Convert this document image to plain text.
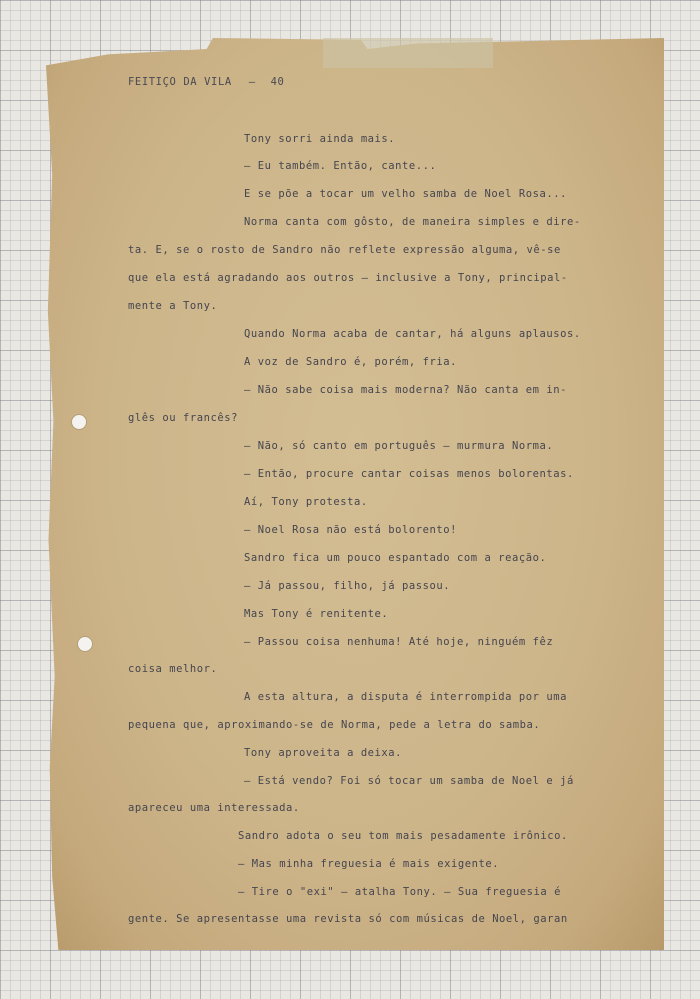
FEITIÇO DA VILA — 40
Tony sorri ainda mais.
— Eu também. Então, cante...
E se põe a tocar um velho samba de Noel Rosa...
Norma canta com gôsto, de maneira simples e dire-
ta. E, se o rosto de Sandro não reflete expressão alguma, vê-se
que ela está agradando aos outros — inclusive a Tony, principal-
mente a Tony.
Quando Norma acaba de cantar, há alguns aplausos.
A voz de Sandro é, porém, fria.
— Não sabe coisa mais moderna? Não canta em in-
glês ou francês?
— Não, só canto em português — murmura Norma.
— Então, procure cantar coisas menos bolorentas.
Aí, Tony protesta.
— Noel Rosa não está bolorento!
Sandro fica um pouco espantado com a reação.
— Já passou, filho, já passou.
Mas Tony é renitente.
— Passou coisa nenhuma! Até hoje, ninguém fêz
coisa melhor.
A esta altura, a disputa é interrompida por uma
pequena que, aproximando-se de Norma, pede a letra do samba.
Tony aproveita a deixa.
— Está vendo? Foi só tocar um samba de Noel e já
apareceu uma interessada.
Sandro adota o seu tom mais pesadamente irônico.
— Mas minha freguesia é mais exigente.
— Tire o "exi" — atalha Tony. — Sua freguesia é
gente. Se apresentasse uma revista só com músicas de Noel, garan
